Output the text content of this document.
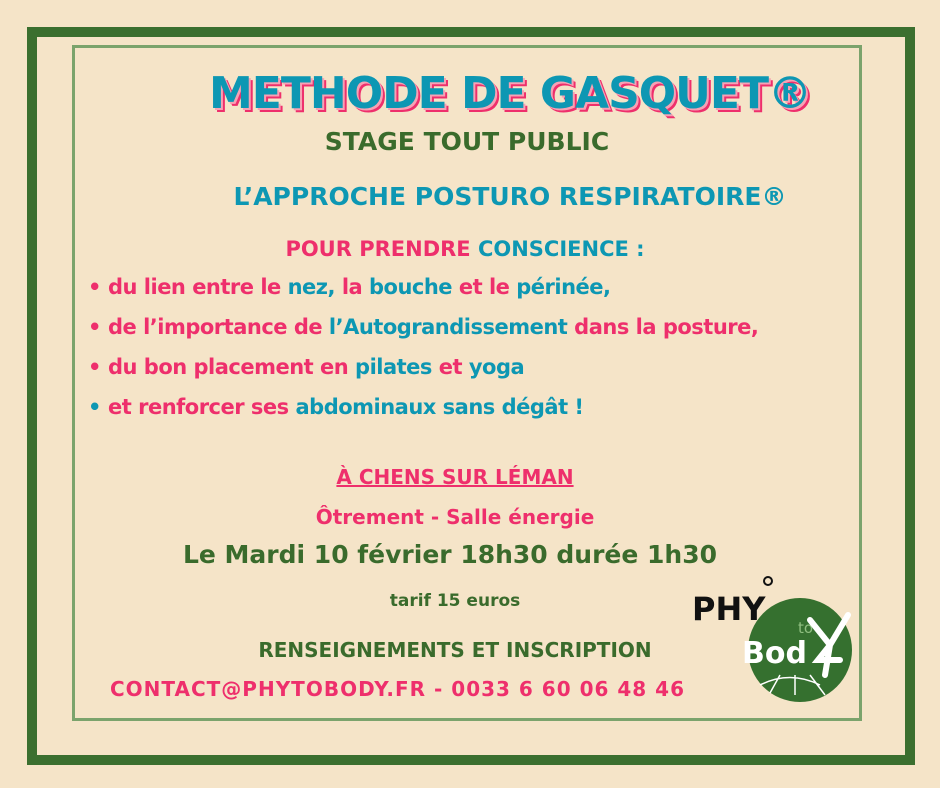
METHODE DE GASQUET®
STAGE TOUT PUBLIC
L’APPROCHE POSTURO RESPIRATOIRE®
POUR PRENDRE CONSCIENCE :
• du lien entre le nez, la bouche et le périnée,
• de l’importance de l’Autograndissement dans la posture,
• du bon placement en pilates et yoga
• et renforcer ses abdominaux sans dégât !
À CHENS SUR LÉMAN
Ôtrement - Salle énergie
Le Mardi 10 février 18h30 durée 1h30
tarif 15 euros
RENSEIGNEMENTS ET INSCRIPTION
CONTACT@PHYTOBODY.FR - 0033 6 60 06 48 46
PHY to
Bod
